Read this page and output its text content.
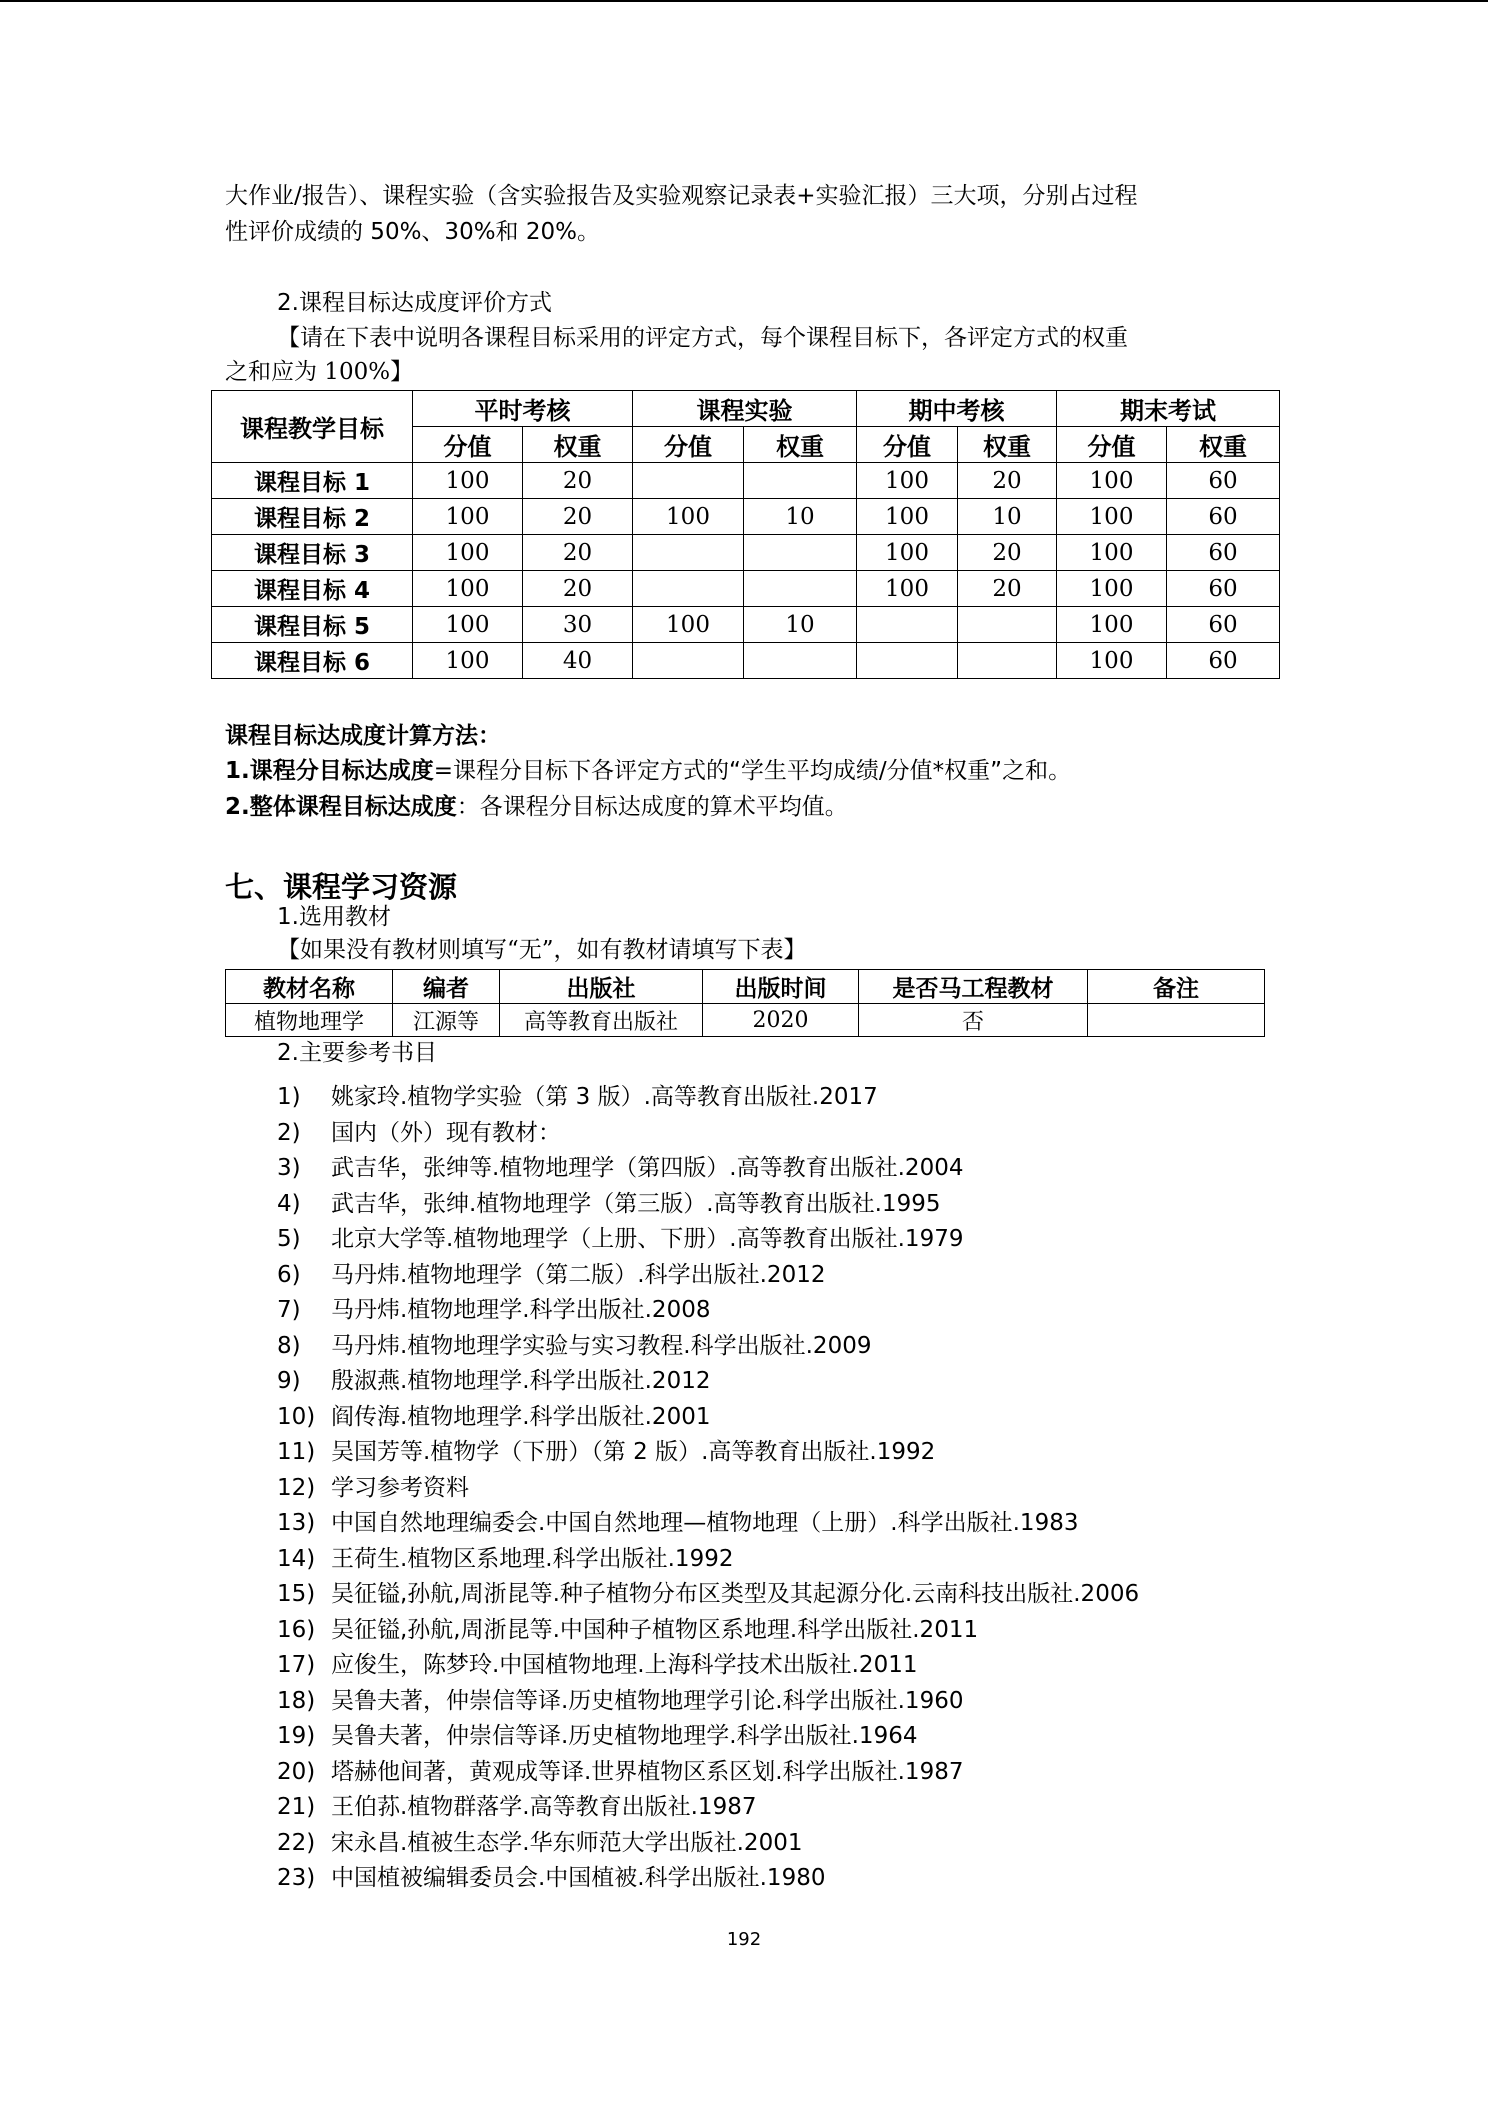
大作业/报告）、课程实验（含实验报告及实验观察记录表+实验汇报）三大项，分别占过程
性评价成绩的 50%、30%和 20%。
2.课程目标达成度评价方式
【请在下表中说明各课程目标采用的评定方式，每个课程目标下，各评定方式的权重
之和应为 100%】
课程教学目标	平时考核		课程实验		期中考核		期末考试	
	分值	权重	分值	权重	分值	权重	分值	权重
课程目标 1	100	20			100	20	100	60
课程目标 2	100	20	100	10	100	10	100	60
课程目标 3	100	20			100	20	100	60
课程目标 4	100	20			100	20	100	60
课程目标 5	100	30	100	10			100	60
课程目标 6	100	40					100	60
课程目标达成度计算方法：
1.课程分目标达成度=课程分目标下各评定方式的“学生平均成绩/分值*权重”之和。
2.整体课程目标达成度：各课程分目标达成度的算术平均值。
七、课程学习资源
1.选用教材
【如果没有教材则填写“无”，如有教材请填写下表】
教材名称	编者	出版社	出版时间	是否马工程教材	备注
植物地理学	江源等	高等教育出版社	2020	否	
2.主要参考书目
1) 姚家玲.植物学实验（第 3 版）.高等教育出版社.2017
2) 国内（外）现有教材：
3) 武吉华，张绅等.植物地理学（第四版）.高等教育出版社.2004
4) 武吉华，张绅.植物地理学（第三版）.高等教育出版社.1995
5) 北京大学等.植物地理学（上册、下册）.高等教育出版社.1979
6) 马丹炜.植物地理学（第二版）.科学出版社.2012
7) 马丹炜.植物地理学.科学出版社.2008
8) 马丹炜.植物地理学实验与实习教程.科学出版社.2009
9) 殷淑燕.植物地理学.科学出版社.2012
10) 阎传海.植物地理学.科学出版社.2001
11) 吴国芳等.植物学（下册）（第 2 版）.高等教育出版社.1992
12) 学习参考资料
13) 中国自然地理编委会.中国自然地理—植物地理（上册）.科学出版社.1983
14) 王荷生.植物区系地理.科学出版社.1992
15) 吴征镒,孙航,周浙昆等.种子植物分布区类型及其起源分化.云南科技出版社.2006
16) 吴征镒,孙航,周浙昆等.中国种子植物区系地理.科学出版社.2011
17) 应俊生，陈梦玲.中国植物地理.上海科学技术出版社.2011
18) 吴鲁夫著，仲崇信等译.历史植物地理学引论.科学出版社.1960
19) 吴鲁夫著，仲崇信等译.历史植物地理学.科学出版社.1964
20) 塔赫他间著，黄观成等译.世界植物区系区划.科学出版社.1987
21) 王伯荪.植物群落学.高等教育出版社.1987
22) 宋永昌.植被生态学.华东师范大学出版社.2001
23) 中国植被编辑委员会.中国植被.科学出版社.1980
192
